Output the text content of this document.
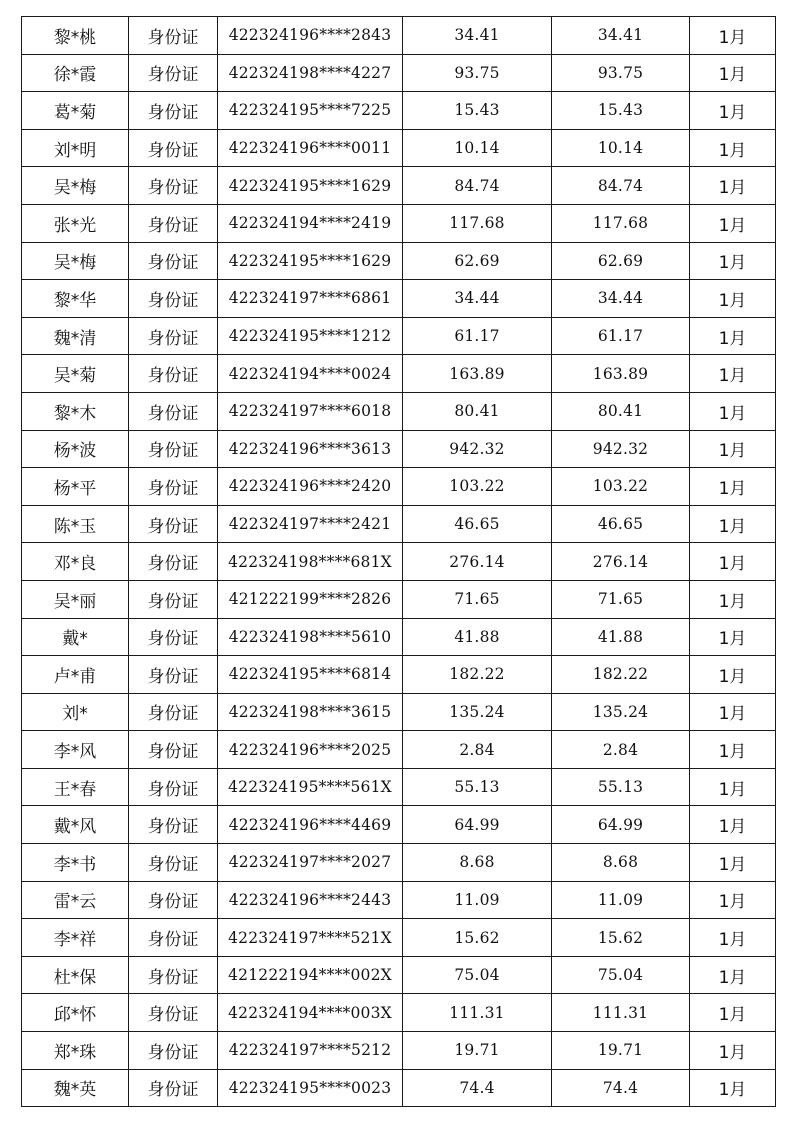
黎*桃	身份证	422324196****2843	34.41	34.41	1月
徐*霞	身份证	422324198****4227	93.75	93.75	1月
葛*菊	身份证	422324195****7225	15.43	15.43	1月
刘*明	身份证	422324196****0011	10.14	10.14	1月
吴*梅	身份证	422324195****1629	84.74	84.74	1月
张*光	身份证	422324194****2419	117.68	117.68	1月
吴*梅	身份证	422324195****1629	62.69	62.69	1月
黎*华	身份证	422324197****6861	34.44	34.44	1月
魏*清	身份证	422324195****1212	61.17	61.17	1月
吴*菊	身份证	422324194****0024	163.89	163.89	1月
黎*木	身份证	422324197****6018	80.41	80.41	1月
杨*波	身份证	422324196****3613	942.32	942.32	1月
杨*平	身份证	422324196****2420	103.22	103.22	1月
陈*玉	身份证	422324197****2421	46.65	46.65	1月
邓*良	身份证	422324198****681X	276.14	276.14	1月
吴*丽	身份证	421222199****2826	71.65	71.65	1月
戴*	身份证	422324198****5610	41.88	41.88	1月
卢*甫	身份证	422324195****6814	182.22	182.22	1月
刘*	身份证	422324198****3615	135.24	135.24	1月
李*风	身份证	422324196****2025	2.84	2.84	1月
王*春	身份证	422324195****561X	55.13	55.13	1月
戴*风	身份证	422324196****4469	64.99	64.99	1月
李*书	身份证	422324197****2027	8.68	8.68	1月
雷*云	身份证	422324196****2443	11.09	11.09	1月
李*祥	身份证	422324197****521X	15.62	15.62	1月
杜*保	身份证	421222194****002X	75.04	75.04	1月
邱*怀	身份证	422324194****003X	111.31	111.31	1月
郑*珠	身份证	422324197****5212	19.71	19.71	1月
魏*英	身份证	422324195****0023	74.4	74.4	1月
